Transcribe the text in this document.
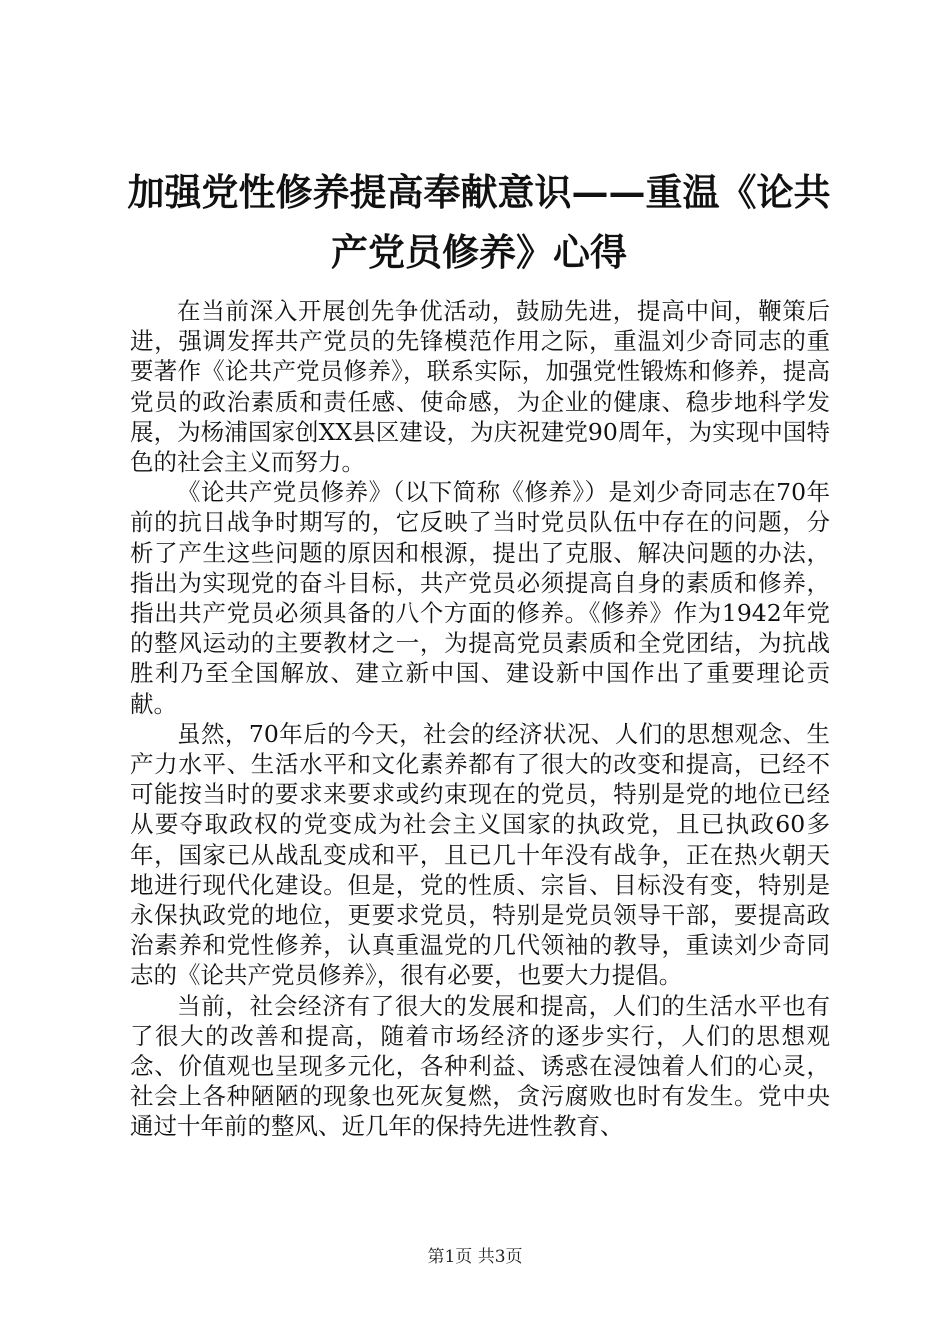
加强党性修养提高奉献意识——重温《论共产党员修养》心得

在当前深入开展创先争优活动，鼓励先进，提高中间，鞭策后进，强调发挥共产党员的先锋模范作用之际，重温刘少奇同志的重要著作《论共产党员修养》，联系实际，加强党性锻炼和修养，提高党员的政治素质和责任感、使命感，为企业的健康、稳步地科学发展，为杨浦国家创XX县区建设，为庆祝建党90周年，为实现中国特色的社会主义而努力。

《论共产党员修养》（以下简称《修养》）是刘少奇同志在70年前的抗日战争时期写的，它反映了当时党员队伍中存在的问题，分析了产生这些问题的原因和根源，提出了克服、解决问题的办法，指出为实现党的奋斗目标，共产党员必须提高自身的素质和修养，指出共产党员必须具备的八个方面的修养。《修养》作为1942年党的整风运动的主要教材之一，为提高党员素质和全党团结，为抗战胜利乃至全国解放、建立新中国、建设新中国作出了重要理论贡献。

虽然，70年后的今天，社会的经济状况、人们的思想观念、生产力水平、生活水平和文化素养都有了很大的改变和提高，已经不可能按当时的要求来要求或约束现在的党员，特别是党的地位已经从要夺取政权的党变成为社会主义国家的执政党，且已执政60多年，国家已从战乱变成和平，且已几十年没有战争，正在热火朝天地进行现代化建设。但是，党的性质、宗旨、目标没有变，特别是永保执政党的地位，更要求党员，特别是党员领导干部，要提高政治素养和党性修养，认真重温党的几代领袖的教导，重读刘少奇同志的《论共产党员修养》，很有必要，也要大力提倡。

当前，社会经济有了很大的发展和提高，人们的生活水平也有了很大的改善和提高，随着市场经济的逐步实行，人们的思想观念、价值观也呈现多元化，各种利益、诱惑在浸蚀着人们的心灵，社会上各种陋陋的现象也死灰复燃，贪污腐败也时有发生。党中央通过十年前的整风、近几年的保持先进性教育、

第1页 共3页
